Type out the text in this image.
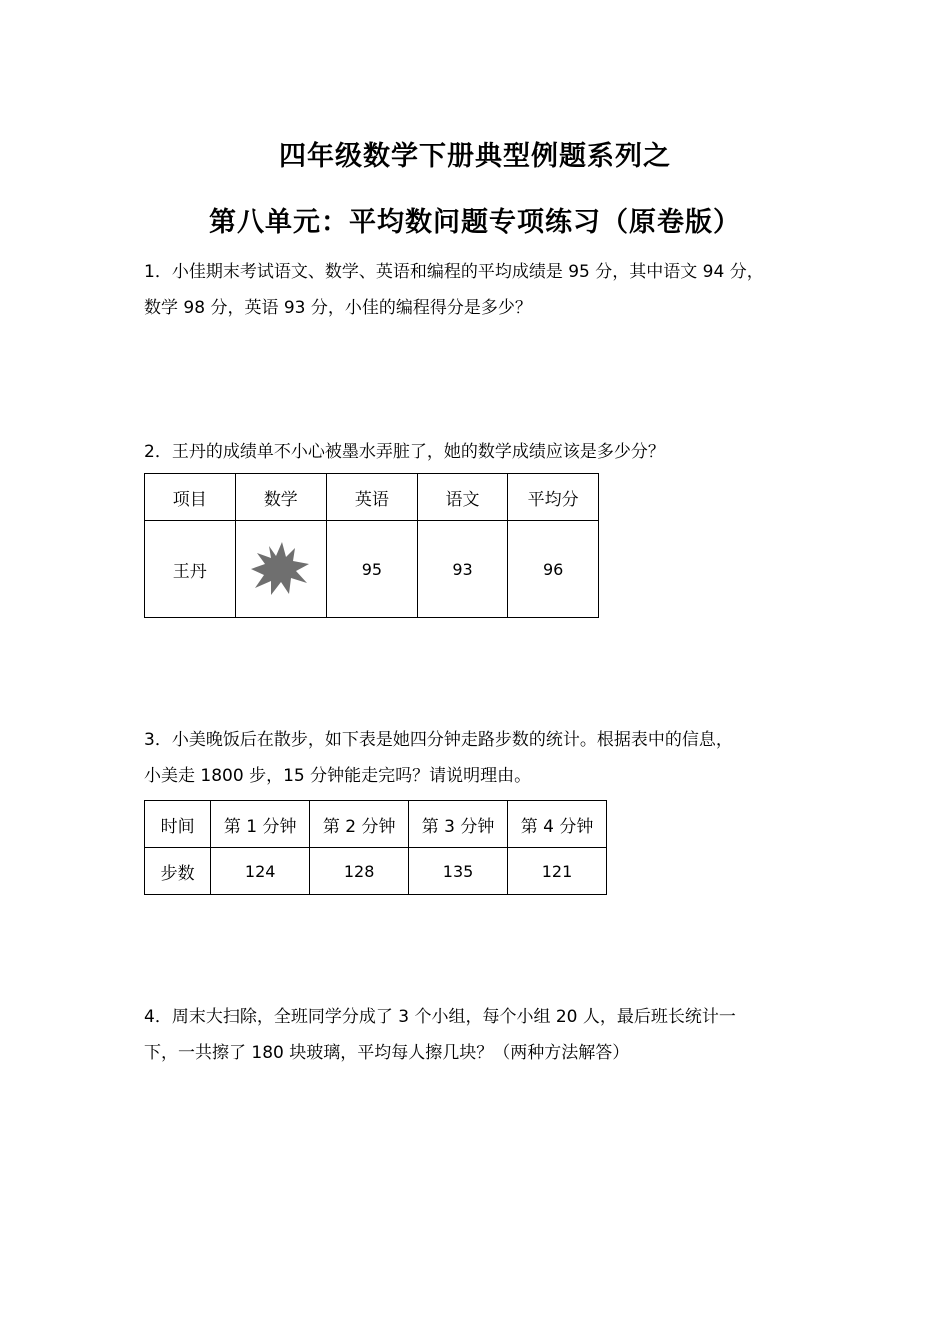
四年级数学下册典型例题系列之
第八单元：平均数问题专项练习（原卷版）
1．小佳期末考试语文、数学、英语和编程的平均成绩是 95 分，其中语文 94 分，
数学 98 分，英语 93 分，小佳的编程得分是多少？
2．王丹的成绩单不小心被墨水弄脏了，她的数学成绩应该是多少分？
项目	数学	英语	语文	平均分
王丹		95	93	96
3．小美晚饭后在散步，如下表是她四分钟走路步数的统计。根据表中的信息，
小美走 1800 步，15 分钟能走完吗？请说明理由。
时间	第 1 分钟	第 2 分钟	第 3 分钟	第 4 分钟
步数	124	128	135	121
4．周末大扫除，全班同学分成了 3 个小组，每个小组 20 人，最后班长统计一
下，一共擦了 180 块玻璃，平均每人擦几块？（两种方法解答）
